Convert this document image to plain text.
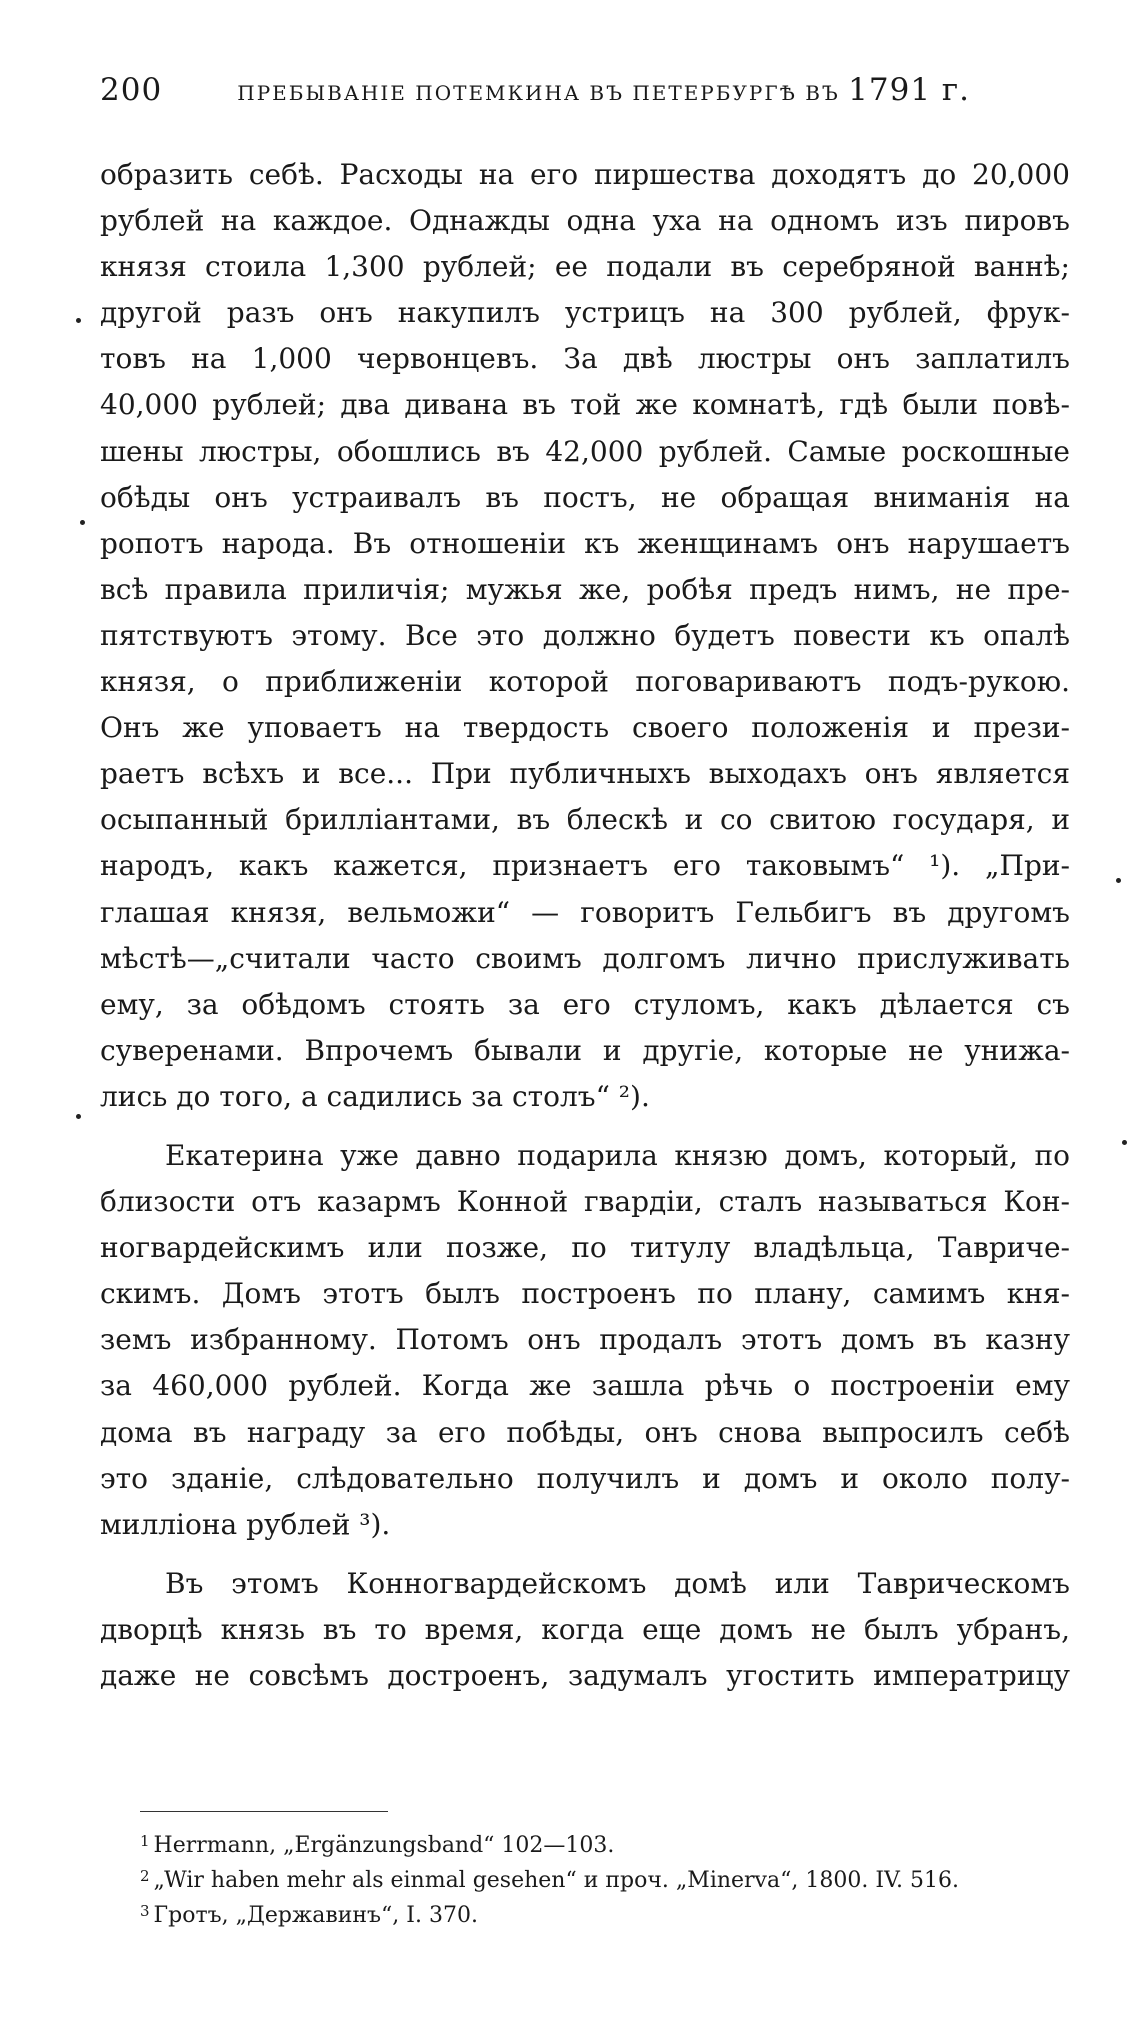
200	ПРЕБЫВАНІЕ ПОТЕМКИНА ВЪ ПЕТЕРБУРГѢ ВЪ 1791 г.
образить себѣ. Расходы на его пиршества доходятъ до 20,000
рублей на каждое. Однажды одна уха на одномъ изъ пировъ
князя стоила 1,300 рублей; ее подали въ серебряной ваннѣ;
другой разъ онъ накупилъ устрицъ на 300 рублей, фрук-
товъ на 1,000 червонцевъ. За двѣ люстры онъ заплатилъ
40,000 рублей; два дивана въ той же комнатѣ, гдѣ были повѣ-
шены люстры, обошлись въ 42,000 рублей. Самые роскошные
обѣды онъ устраивалъ въ постъ, не обращая вниманія на
ропотъ народа. Въ отношеніи къ женщинамъ онъ нарушаетъ
всѣ правила приличія; мужья же, робѣя предъ нимъ, не пре-
пятствуютъ этому. Все это должно будетъ повести къ опалѣ
князя, о приближеніи которой поговариваютъ подъ-рукою.
Онъ же уповаетъ на твердость своего положенія и прези-
раетъ всѣхъ и все... При публичныхъ выходахъ онъ является
осыпанный брилліантами, въ блескѣ и со свитою государя, и
народъ, какъ кажется, признаетъ его таковымъ“ ¹). „При-
глашая князя, вельможи“ — говоритъ Гельбигъ въ другомъ
мѣстѣ—„считали часто своимъ долгомъ лично прислуживать
ему, за обѣдомъ стоять за его стуломъ, какъ дѣлается съ
суверенами. Впрочемъ бывали и другіе, которые не унижа-
лись до того, а садились за столъ“ ²).
Екатерина уже давно подарила князю домъ, который, по
близости отъ казармъ Конной гвардіи, сталъ называться Кон-
ногвардейскимъ или позже, по титулу владѣльца, Тавриче-
скимъ. Домъ этотъ былъ построенъ по плану, самимъ кня-
земъ избранному. Потомъ онъ продалъ этотъ домъ въ казну
за 460,000 рублей. Когда же зашла рѣчь о построеніи ему
дома въ награду за его побѣды, онъ снова выпросилъ себѣ
это зданіе, слѣдовательно получилъ и домъ и около полу-
милліона рублей ³).
Въ этомъ Конногвардейскомъ домѣ или Таврическомъ
дворцѣ князь въ то время, когда еще домъ не былъ убранъ,
даже не совсѣмъ достроенъ, задумалъ угостить императрицу
$^1$ Herrmann, „Ergänzungsband“ 102—103.
$^2$ „Wir haben mehr als einmal gesehen“ и проч. „Minerva“, 1800. IV. 516.
$^3$ Гротъ, „Державинъ“, I. 370.
